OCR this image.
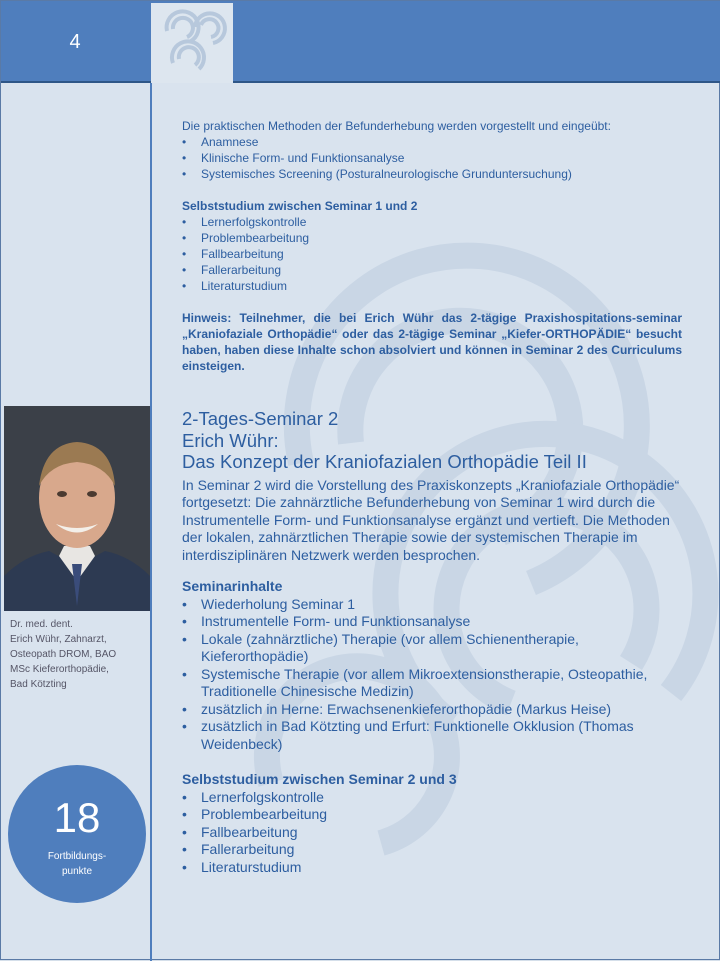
4
Dr. med. dent.
Erich Wühr, Zahnarzt,
Osteopath DROM, BAO
MSc Kieferorthopädie,
Bad Kötzting
18
Fortbildungs-
punkte
Die praktischen Methoden der Befunderhebung werden vorgestellt und eingeübt:
• Anamnese
• Klinische Form- und Funktionsanalyse
• Systemisches Screening (Posturalneurologische Grunduntersuchung)
Selbststudium zwischen Seminar 1 und 2
• Lernerfolgskontrolle
• Problembearbeitung
• Fallbearbeitung
• Fallerarbeitung
• Literaturstudium
Hinweis: Teilnehmer, die bei Erich Wühr das 2-tägige Praxishospitations-seminar „Kraniofaziale Orthopädie“ oder das 2-tägige Seminar „Kiefer-ORTHOPÄDIE“ besucht haben, haben diese Inhalte schon absolviert und können in Seminar 2 des Curriculums einsteigen.
2-Tages-Seminar 2
Erich Wühr:
Das Konzept der Kraniofazialen Orthopädie Teil II
In Seminar 2 wird die Vorstellung des Praxiskonzepts „Kraniofaziale Orthopädie“ fortgesetzt: Die zahnärztliche Befunderhebung von Seminar 1 wird durch die Instrumentelle Form- und Funktionsanalyse ergänzt und vertieft. Die Methoden der lokalen, zahnärztlichen Therapie sowie der systemischen Therapie im interdisziplinären Netzwerk werden besprochen.
Seminarinhalte
• Wiederholung Seminar 1
• Instrumentelle Form- und Funktionsanalyse
• Lokale (zahnärztliche) Therapie (vor allem Schienentherapie, Kieferorthopädie)
• Systemische Therapie (vor allem Mikroextensionstherapie, Osteopathie, Traditionelle Chinesische Medizin)
• zusätzlich in Herne: Erwachsenenkieferorthopädie (Markus Heise)
• zusätzlich in Bad Kötzting und Erfurt: Funktionelle Okklusion (Thomas Weidenbeck)
Selbststudium zwischen Seminar 2 und 3
• Lernerfolgskontrolle
• Problembearbeitung
• Fallbearbeitung
• Fallerarbeitung
• Literaturstudium
